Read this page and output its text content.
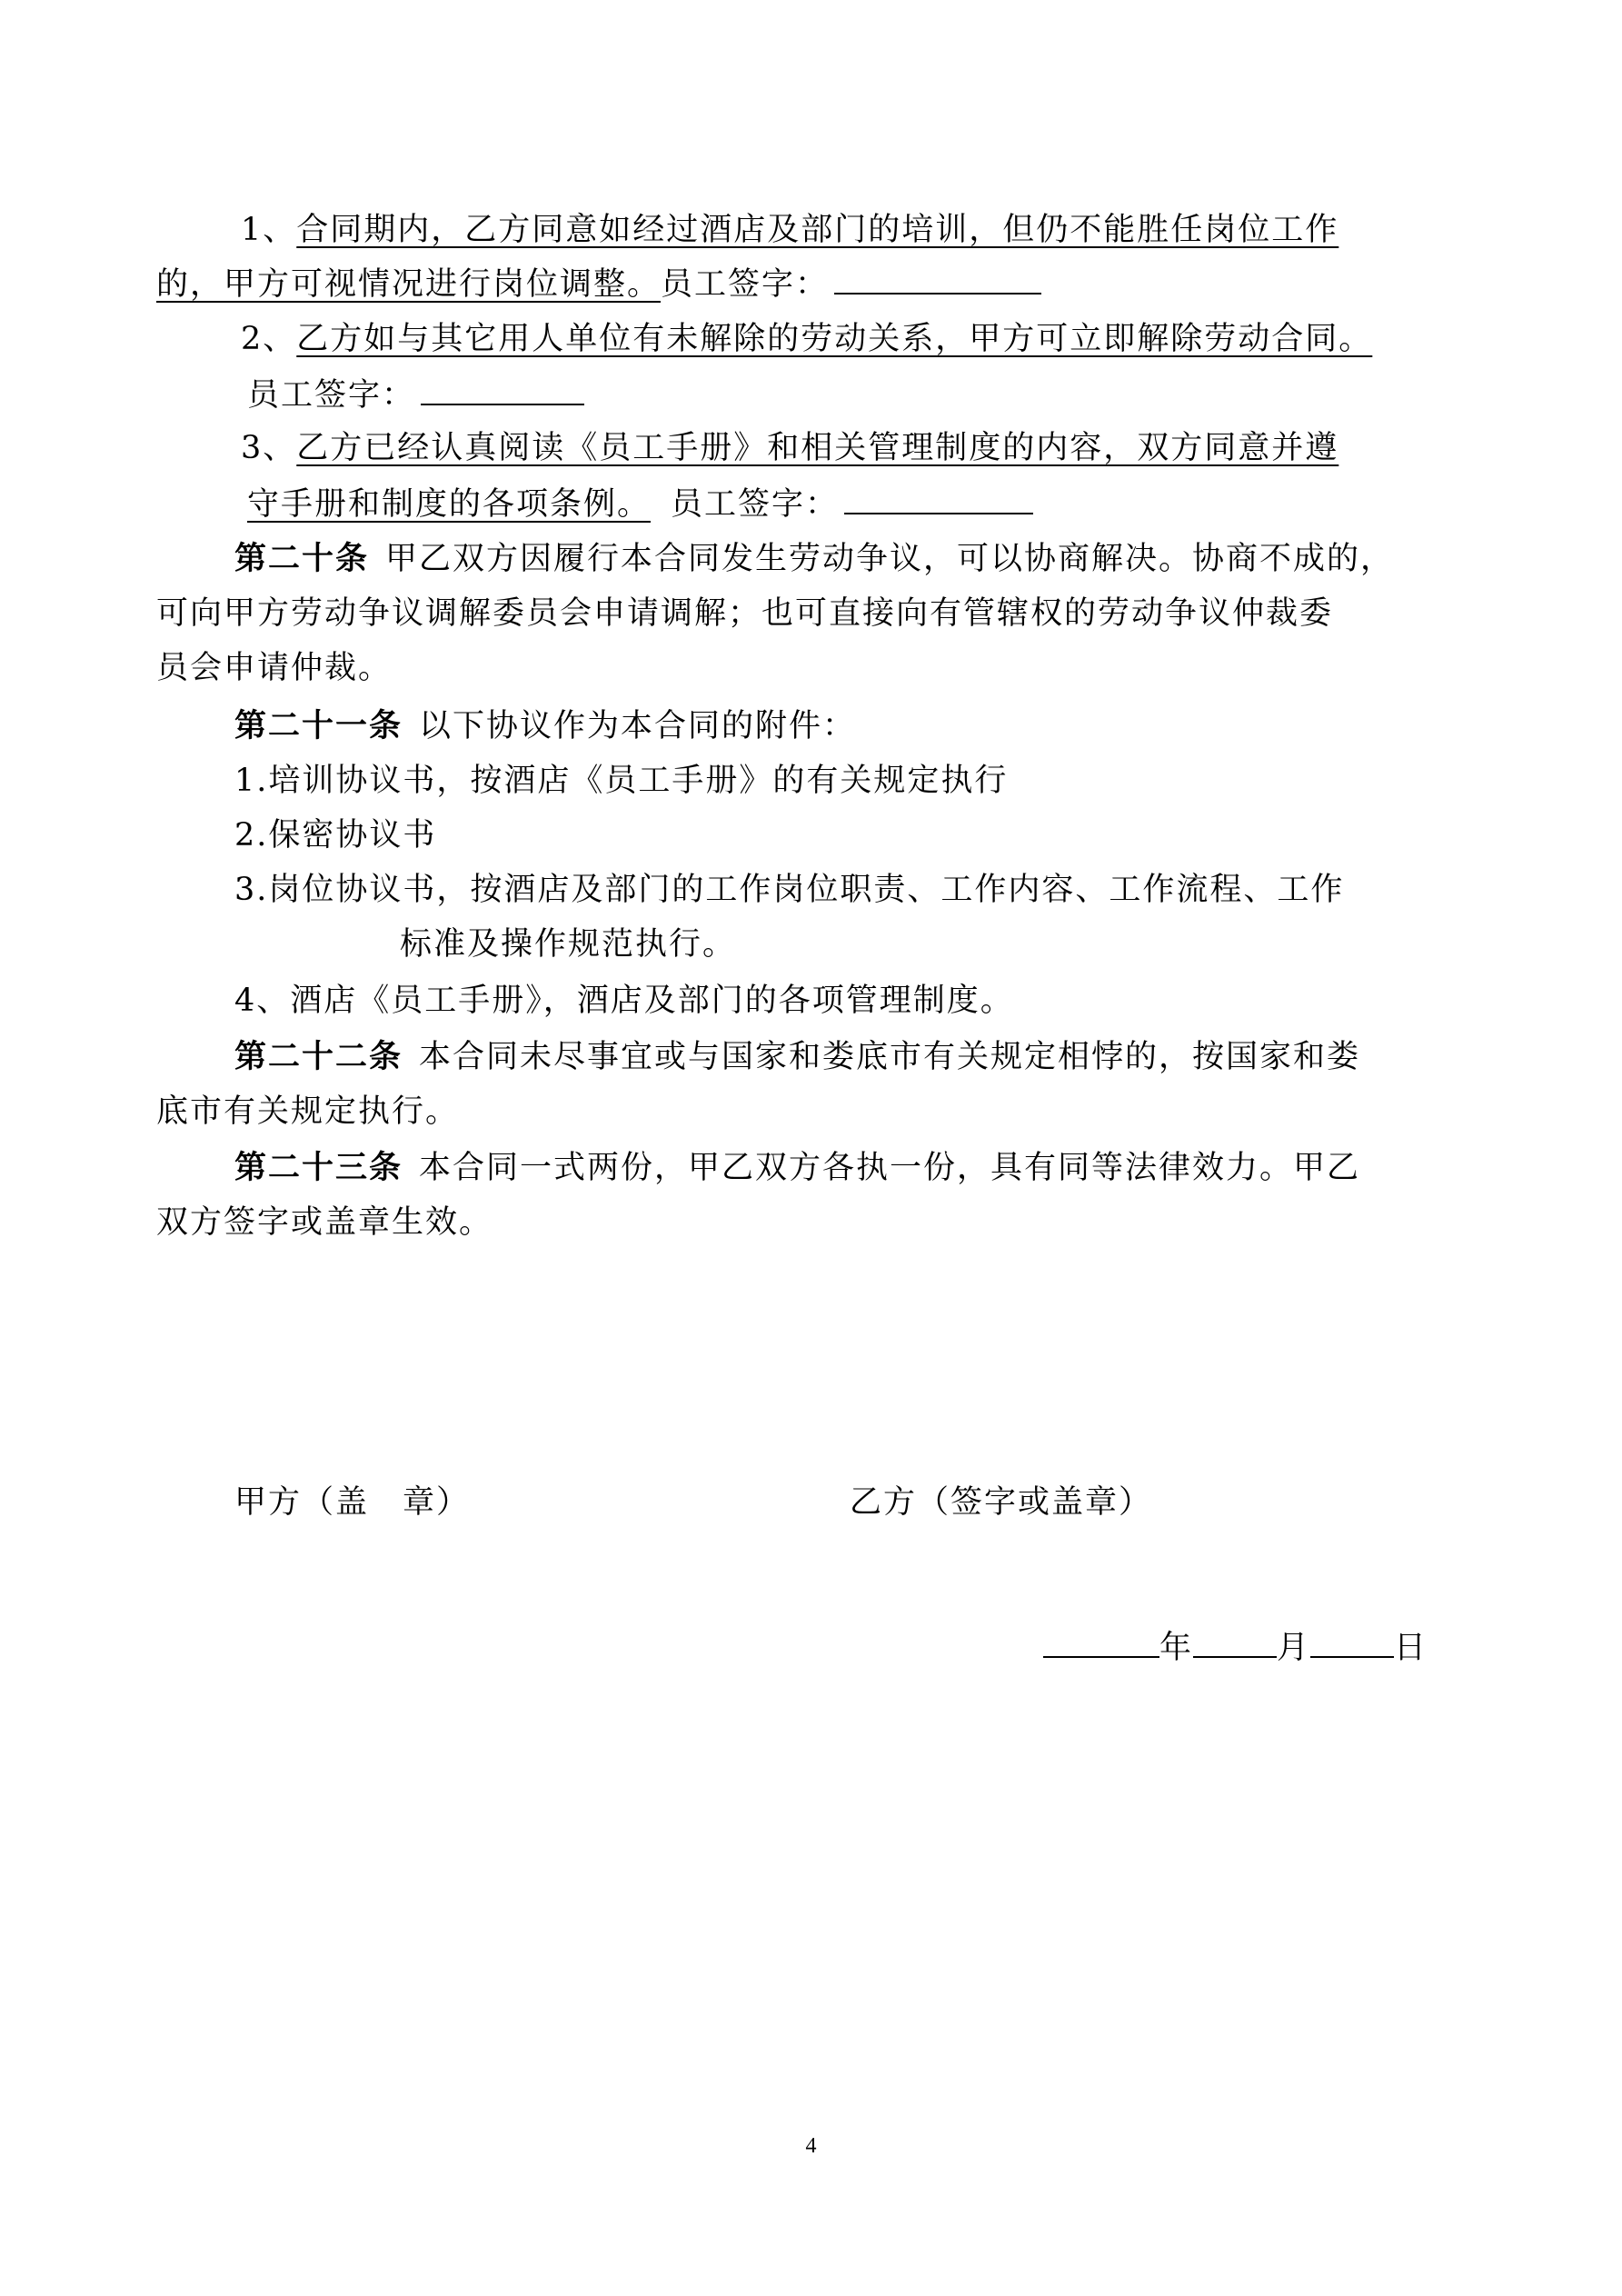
1、合同期内，乙方同意如经过酒店及部门的培训，但仍不能胜任岗位工作
的，甲方可视情况进行岗位调整。员工签字：
2、乙方如与其它用人单位有未解除的劳动关系，甲方可立即解除劳动合同。
员工签字：
3、乙方已经认真阅读《员工手册》和相关管理制度的内容，双方同意并遵
守手册和制度的各项条例。 员工签字：
第二十条 甲乙双方因履行本合同发生劳动争议，可以协商解决。协商不成的，
可向甲方劳动争议调解委员会申请调解；也可直接向有管辖权的劳动争议仲裁委
员会申请仲裁。
第二十一条 以下协议作为本合同的附件：
1.培训协议书，按酒店《员工手册》的有关规定执行
2.保密协议书
3.岗位协议书，按酒店及部门的工作岗位职责、工作内容、工作流程、工作
标准及操作规范执行。
4、酒店《员工手册》，酒店及部门的各项管理制度。
第二十二条 本合同未尽事宜或与国家和娄底市有关规定相悖的，按国家和娄
底市有关规定执行。
第二十三条 本合同一式两份，甲乙双方各执一份，具有同等法律效力。甲乙
双方签字或盖章生效。
甲方（盖　章）	乙方（签字或盖章）
年	月	日
4
